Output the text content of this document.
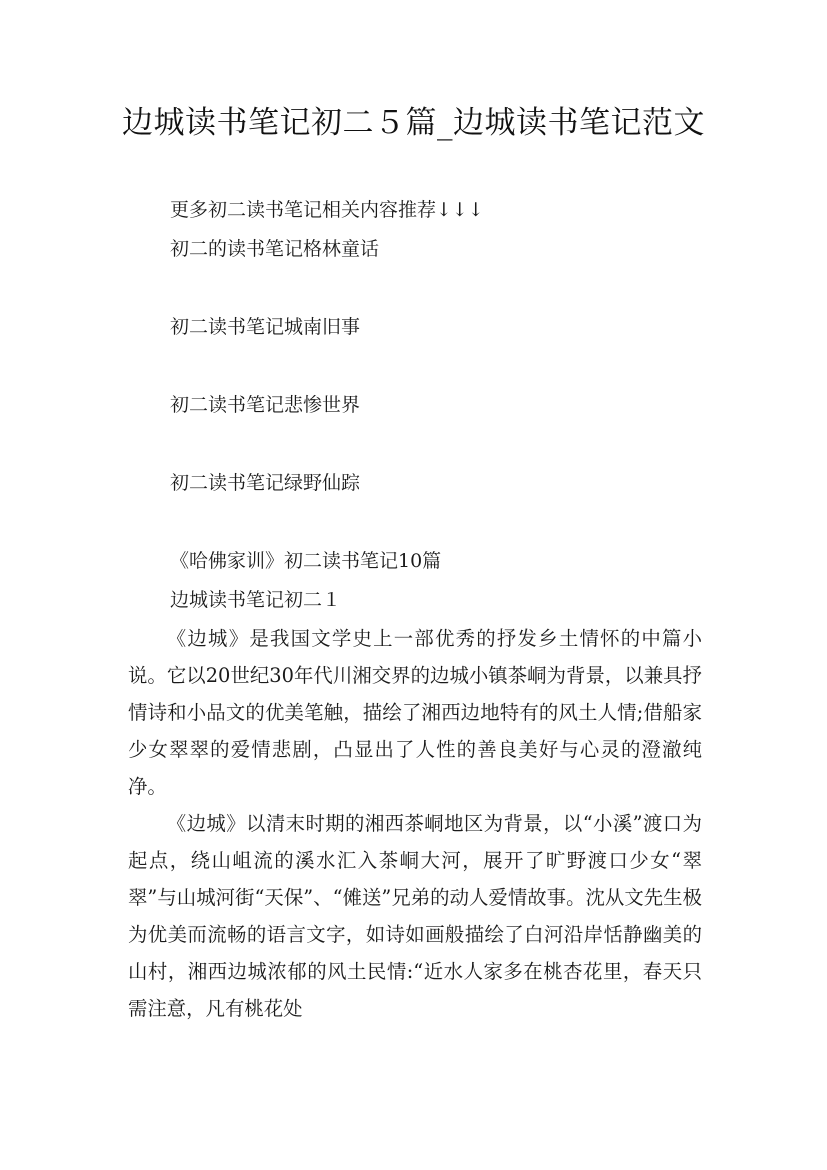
边城读书笔记初二５篇_边城读书笔记范文
更多初二读书笔记相关内容推荐↓↓↓
初二的读书笔记格林童话
初二读书笔记城南旧事
初二读书笔记悲惨世界
初二读书笔记绿野仙踪
《哈佛家训》初二读书笔记10篇
边城读书笔记初二１
《边城》是我国文学史上一部优秀的抒发乡土情怀的中篇小说。它以20世纪30年代川湘交界的边城小镇茶峒为背景，以兼具抒情诗和小品文的优美笔触，描绘了湘西边地特有的风土人情;借船家少女翠翠的爱情悲剧，凸显出了人性的善良美好与心灵的澄澈纯净。
《边城》以清末时期的湘西茶峒地区为背景，以“小溪”渡口为起点，绕山岨流的溪水汇入茶峒大河，展开了旷野渡口少女“翠翠”与山城河街“天保”、“傩送”兄弟的动人爱情故事。沈从文先生极为优美而流畅的语言文字，如诗如画般描绘了白河沿岸恬静幽美的山村，湘西边城浓郁的风土民情:“近水人家多在桃杏花里，春天只需注意，凡有桃花处
